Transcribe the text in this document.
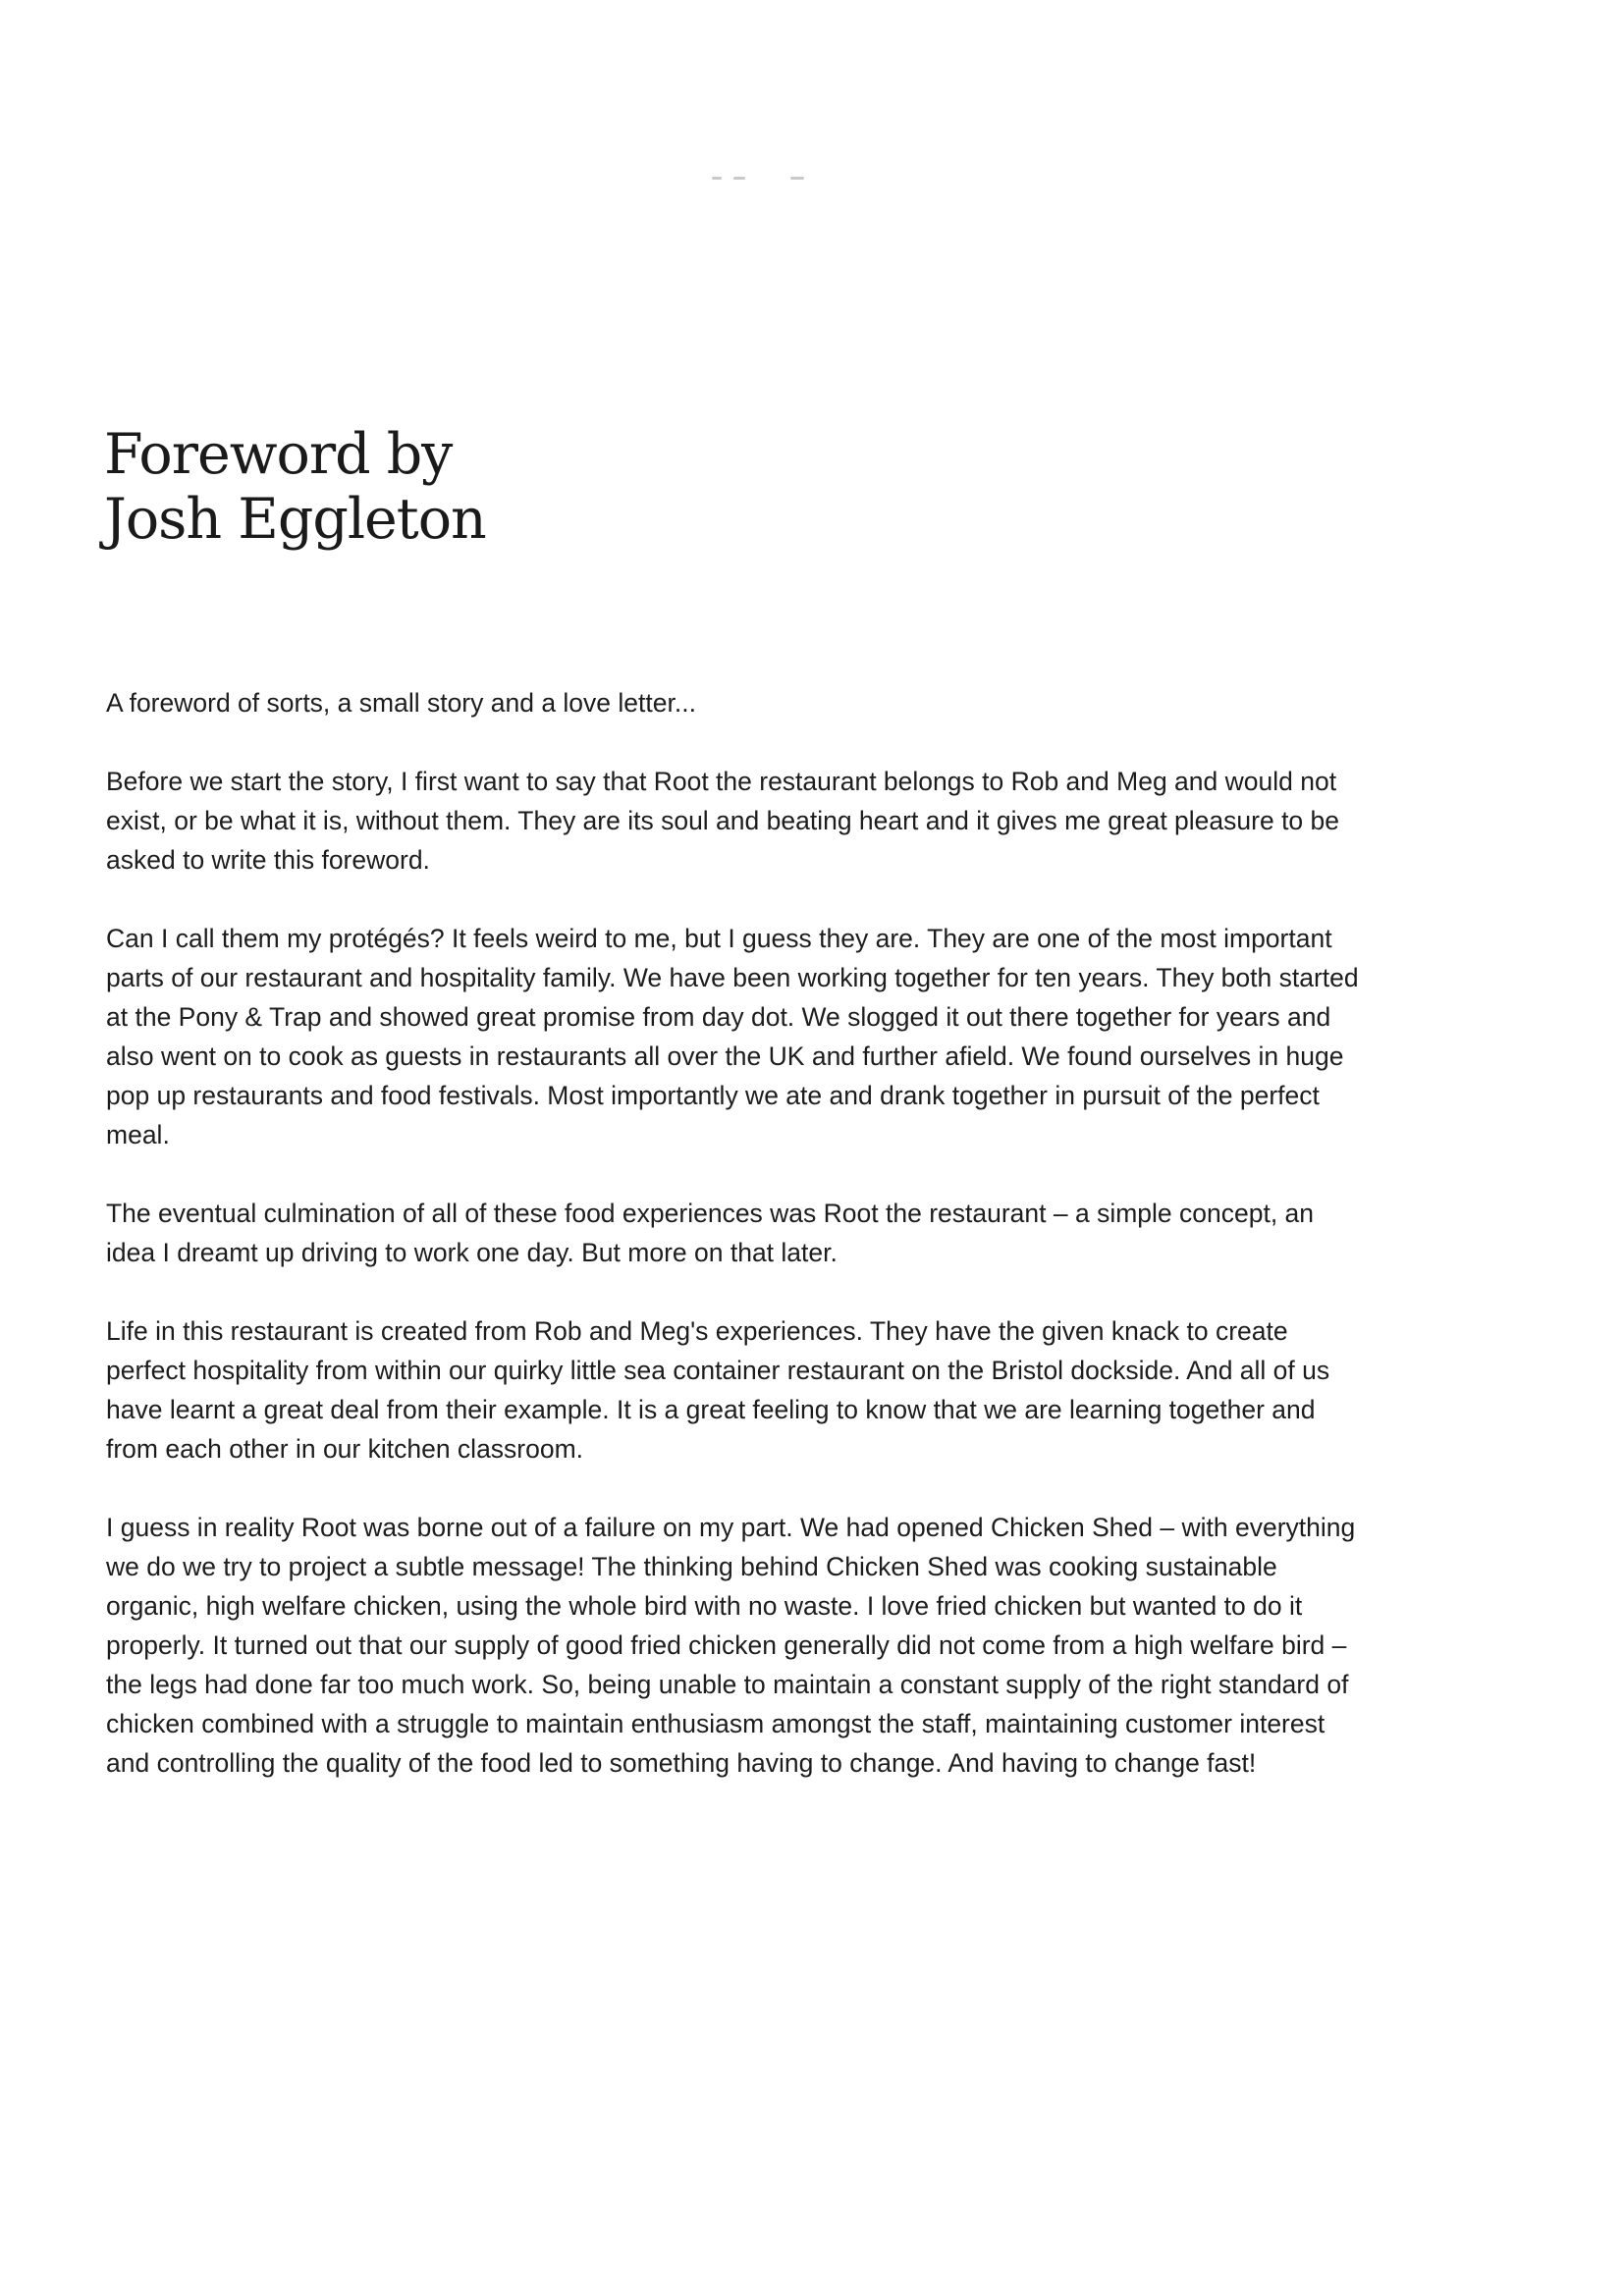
Foreword by
Josh Eggleton

A foreword of sorts, a small story and a love letter...

Before we start the story, I first want to say that Root the restaurant belongs to Rob and Meg and would not exist, or be what it is, without them. They are its soul and beating heart and it gives me great pleasure to be asked to write this foreword.

Can I call them my protégés? It feels weird to me, but I guess they are. They are one of the most important parts of our restaurant and hospitality family. We have been working together for ten years. They both started at the Pony & Trap and showed great promise from day dot. We slogged it out there together for years and also went on to cook as guests in restaurants all over the UK and further afield. We found ourselves in huge pop up restaurants and food festivals. Most importantly we ate and drank together in pursuit of the perfect meal.

The eventual culmination of all of these food experiences was Root the restaurant – a simple concept, an idea I dreamt up driving to work one day. But more on that later.

Life in this restaurant is created from Rob and Meg's experiences. They have the given knack to create perfect hospitality from within our quirky little sea container restaurant on the Bristol dockside. And all of us have learnt a great deal from their example. It is a great feeling to know that we are learning together and from each other in our kitchen classroom.

I guess in reality Root was borne out of a failure on my part. We had opened Chicken Shed – with everything we do we try to project a subtle message! The thinking behind Chicken Shed was cooking sustainable organic, high welfare chicken, using the whole bird with no waste. I love fried chicken but wanted to do it properly. It turned out that our supply of good fried chicken generally did not come from a high welfare bird – the legs had done far too much work. So, being unable to maintain a constant supply of the right standard of chicken combined with a struggle to maintain enthusiasm amongst the staff, maintaining customer interest and controlling the quality of the food led to something having to change. And having to change fast!
